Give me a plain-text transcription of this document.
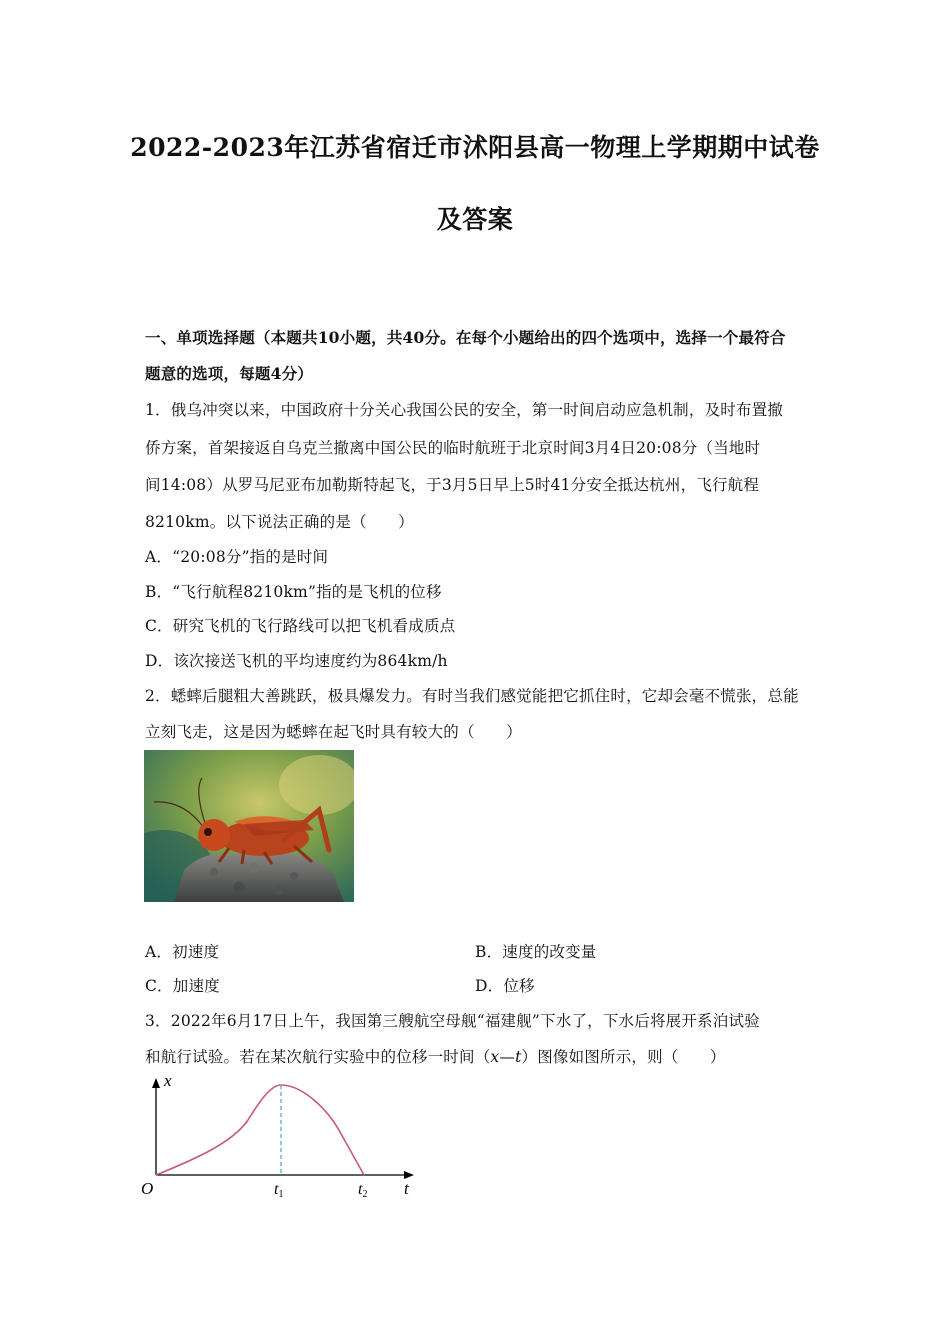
2022-2023年江苏省宿迁市沭阳县高一物理上学期期中试卷
及答案
一、单项选择题（本题共10小题，共40分。在每个小题给出的四个选项中，选择一个最符合
题意的选项，每题4分）
1．俄乌冲突以来，中国政府十分关心我国公民的安全，第一时间启动应急机制，及时布置撤
侨方案，首架接返自乌克兰撤离中国公民的临时航班于北京时间3月4日20:08分（当地时
间14:08）从罗马尼亚布加勒斯特起飞，于3月5日早上5时41分安全抵达杭州，飞行航程
8210km。以下说法正确的是（　　）
A．“20:08分”指的是时间
B．“飞行航程8210km”指的是飞机的位移
C．研究飞机的飞行路线可以把飞机看成质点
D．该次接送飞机的平均速度约为864km/h
2．蟋蟀后腿粗大善跳跃，极具爆发力。有时当我们感觉能把它抓住时，它却会毫不慌张，总能
立刻飞走，这是因为蟋蟀在起飞时具有较大的（　　）
A．初速度	B．速度的改变量
C．加速度	D．位移
3．2022年6月17日上午，我国第三艘航空母舰“福建舰”下水了，下水后将展开系泊试验
和航行试验。若在某次航行实验中的位移一时间（x—t）图像如图所示，则（　　）
x
O	t
t1	t2
